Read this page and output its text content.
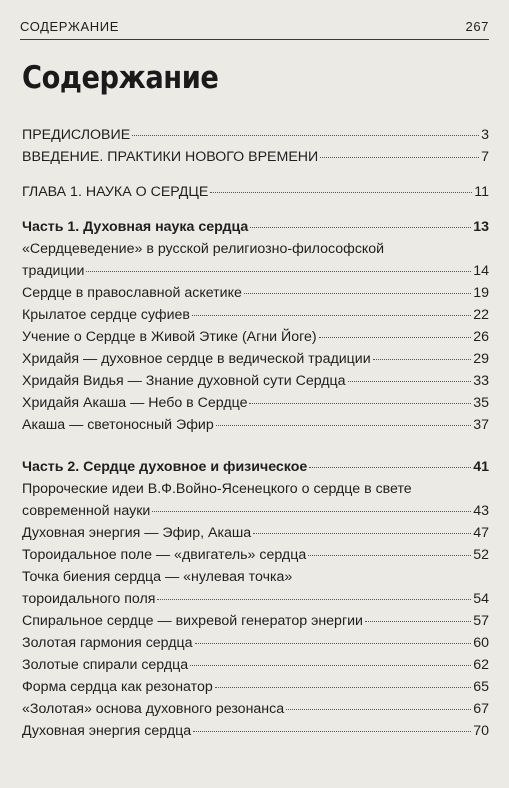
СОДЕРЖАНИЕ	267
Содержание
ПРЕДИСЛОВИЕ	3
ВВЕДЕНИЕ. ПРАКТИКИ НОВОГО ВРЕМЕНИ	7
ГЛАВА 1. НАУКА О СЕРДЦЕ	11
Часть 1. Духовная наука сердца	13
«Сердцеведение» в русской религиозно-философской
традиции	14
Сердце в православной аскетике	19
Крылатое сердце суфиев	22
Учение о Сердце в Живой Этике (Агни Йоге)	26
Хридайя — духовное сердце в ведической традиции	29
Хридайя Видья — Знание духовной сути Сердца	33
Хридайя Акаша — Небо в Сердце	35
Акаша — светоносный Эфир	37
Часть 2. Сердце духовное и физическое	41
Пророческие идеи В.Ф.Войно-Ясенецкого о сердце в свете
современной науки	43
Духовная энергия — Эфир, Акаша	47
Тороидальное поле — «двигатель» сердца	52
Точка биения сердца — «нулевая точка»
тороидального поля	54
Спиральное сердце — вихревой генератор энергии	57
Золотая гармония сердца	60
Золотые спирали сердца	62
Форма сердца как резонатор	65
«Золотая» основа духовного резонанса	67
Духовная энергия сердца	70
